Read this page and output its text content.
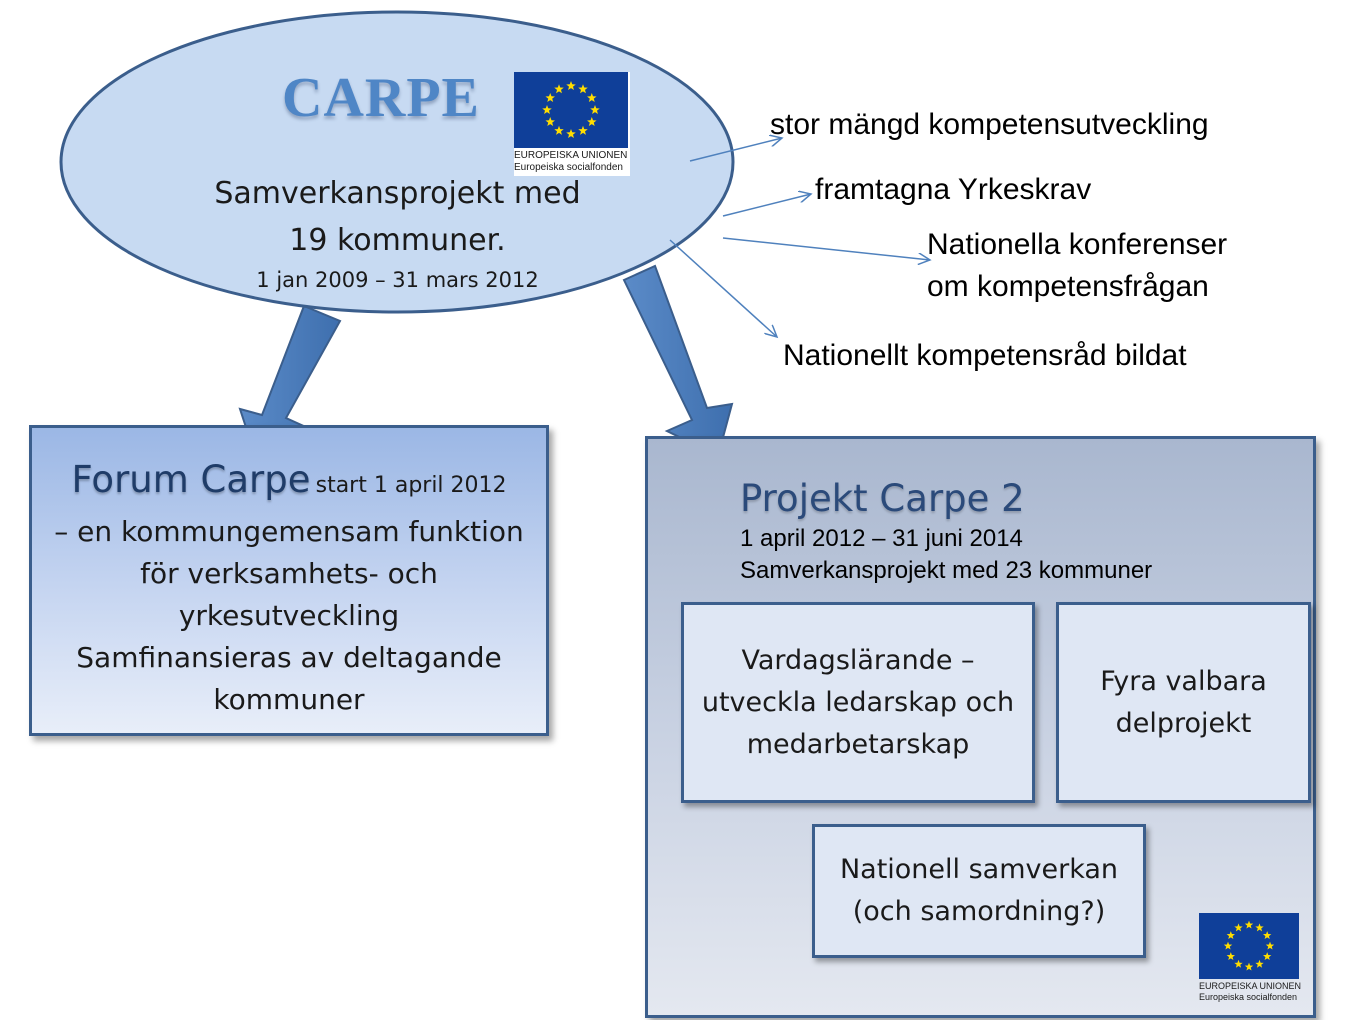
CARPE
EUROPEISKA UNIONEN
Europeiska socialfonden
Samverkansprojekt med
19 kommuner.
1 jan 2009 – 31 mars 2012
stor mängd kompetensutveckling
framtagna Yrkeskrav
Nationella konferenser
om kompetensfrågan
Nationellt kompetensråd bildat
Forum Carpe start 1 april 2012
– en kommungemensam funktion
för verksamhets- och
yrkesutveckling
Samfinansieras av deltagande
kommuner
Projekt Carpe 2
1 april 2012 – 31 juni 2014
Samverkansprojekt med 23 kommuner
Vardagslärande –
utveckla ledarskap och
medarbetarskap
Fyra valbara
delprojekt
Nationell samverkan
(och samordning?)
EUROPEISKA UNIONEN
Europeiska socialfonden
